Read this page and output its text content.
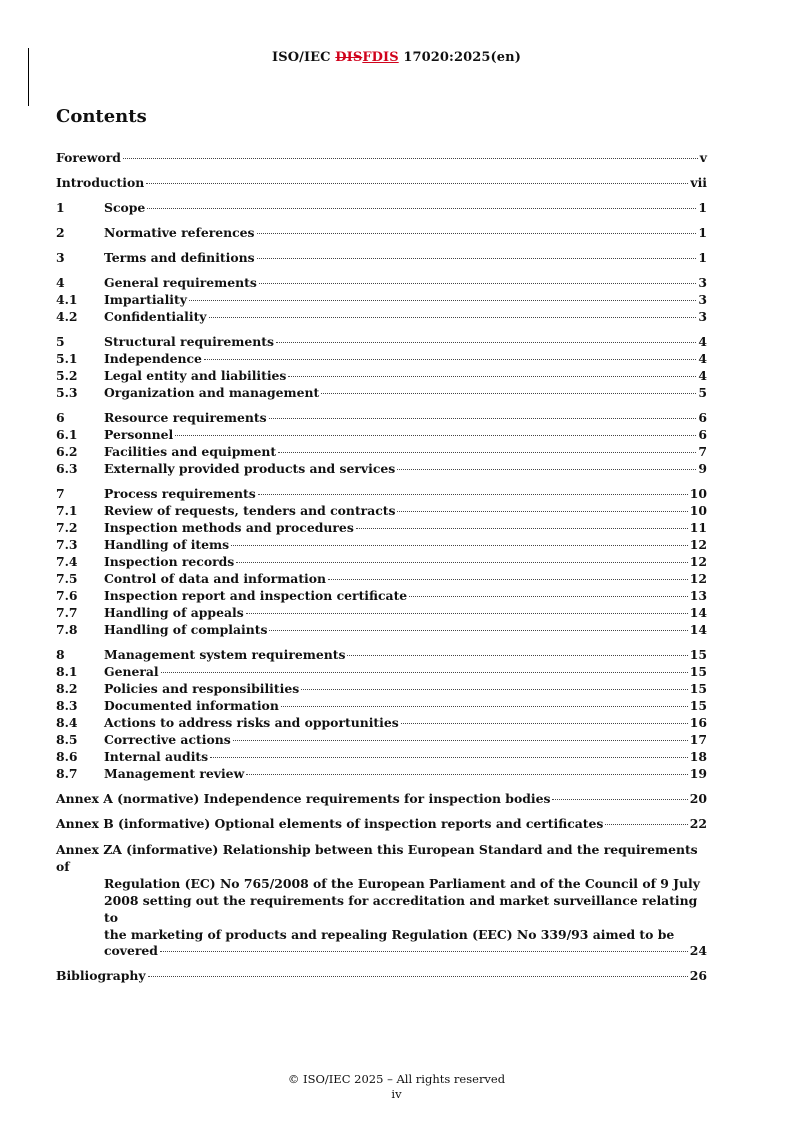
ISO/IEC DISFDIS 17020:2025(en)
Contents
Foreword	v
Introduction	vii
1	Scope	1
2	Normative references	1
3	Terms and definitions	1
4	General requirements	3
4.1	Impartiality	3
4.2	Confidentiality	3
5	Structural requirements	4
5.1	Independence	4
5.2	Legal entity and liabilities	4
5.3	Organization and management	5
6	Resource requirements	6
6.1	Personnel	6
6.2	Facilities and equipment	7
6.3	Externally provided products and services	9
7	Process requirements	10
7.1	Review of requests, tenders and contracts	10
7.2	Inspection methods and procedures	11
7.3	Handling of items	12
7.4	Inspection records	12
7.5	Control of data and information	12
7.6	Inspection report and inspection certificate	13
7.7	Handling of appeals	14
7.8	Handling of complaints	14
8	Management system requirements	15
8.1	General	15
8.2	Policies and responsibilities	15
8.3	Documented information	15
8.4	Actions to address risks and opportunities	16
8.5	Corrective actions	17
8.6	Internal audits	18
8.7	Management review	19
Annex A (normative) Independence requirements for inspection bodies	20
Annex B (informative) Optional elements of inspection reports and certificates	22
Annex ZA (informative) Relationship between this European Standard and the requirements of
Regulation (EC) No 765/2008 of the European Parliament and of the Council of 9 July
2008 setting out the requirements for accreditation and market surveillance relating to
the marketing of products and repealing Regulation (EEC) No 339/93 aimed to be
covered	24
Bibliography	26
© ISO/IEC 2025 – All rights reserved
iv
